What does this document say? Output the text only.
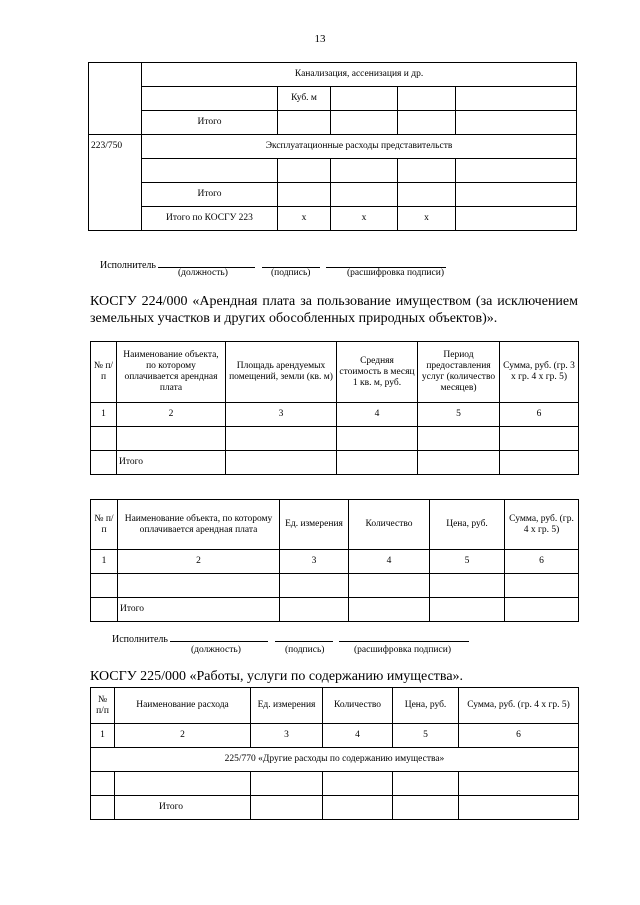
13
	Канализация, ассенизация и др.				
		Куб. м			
	Итого				
223/750	Эксплуатационные расходы представительств				

	Итого				
	Итого по КОСГУ 223	х	х	х	
Исполнитель
(должность)	(подпись)	(расшифровка подписи)
КОСГУ 224/000 «Арендная плата за пользование имуществом (за исключением земельных участков и других обособленных природных объектов)».
№ п/п	Наименование объекта, по которому оплачивается арендная плата	Площадь арендуемых помещений, земли (кв. м)	Средняя стоимость в месяц 1 кв. м, руб.	Период предоставления услуг (количество месяцев)	Сумма, руб. (гр. 3 х гр. 4 х гр. 5)
1	2	3	4	5	6

	Итого				
№ п/п	Наименование объекта, по которому оплачивается арендная плата	Ед. измерения	Количество	Цена, руб.	Сумма, руб. (гр. 4 х гр. 5)
1	2	3	4	5	6

	Итого				
Исполнитель
(должность)	(подпись)	(расшифровка подписи)
КОСГУ 225/000 «Работы, услуги по содержанию имущества».
№ п/п	Наименование расхода	Ед. измерения	Количество	Цена, руб.	Сумма, руб. (гр. 4 х гр. 5)
1	2	3	4	5	6
225/770 «Другие расходы по содержанию имущества»					

	Итого				
